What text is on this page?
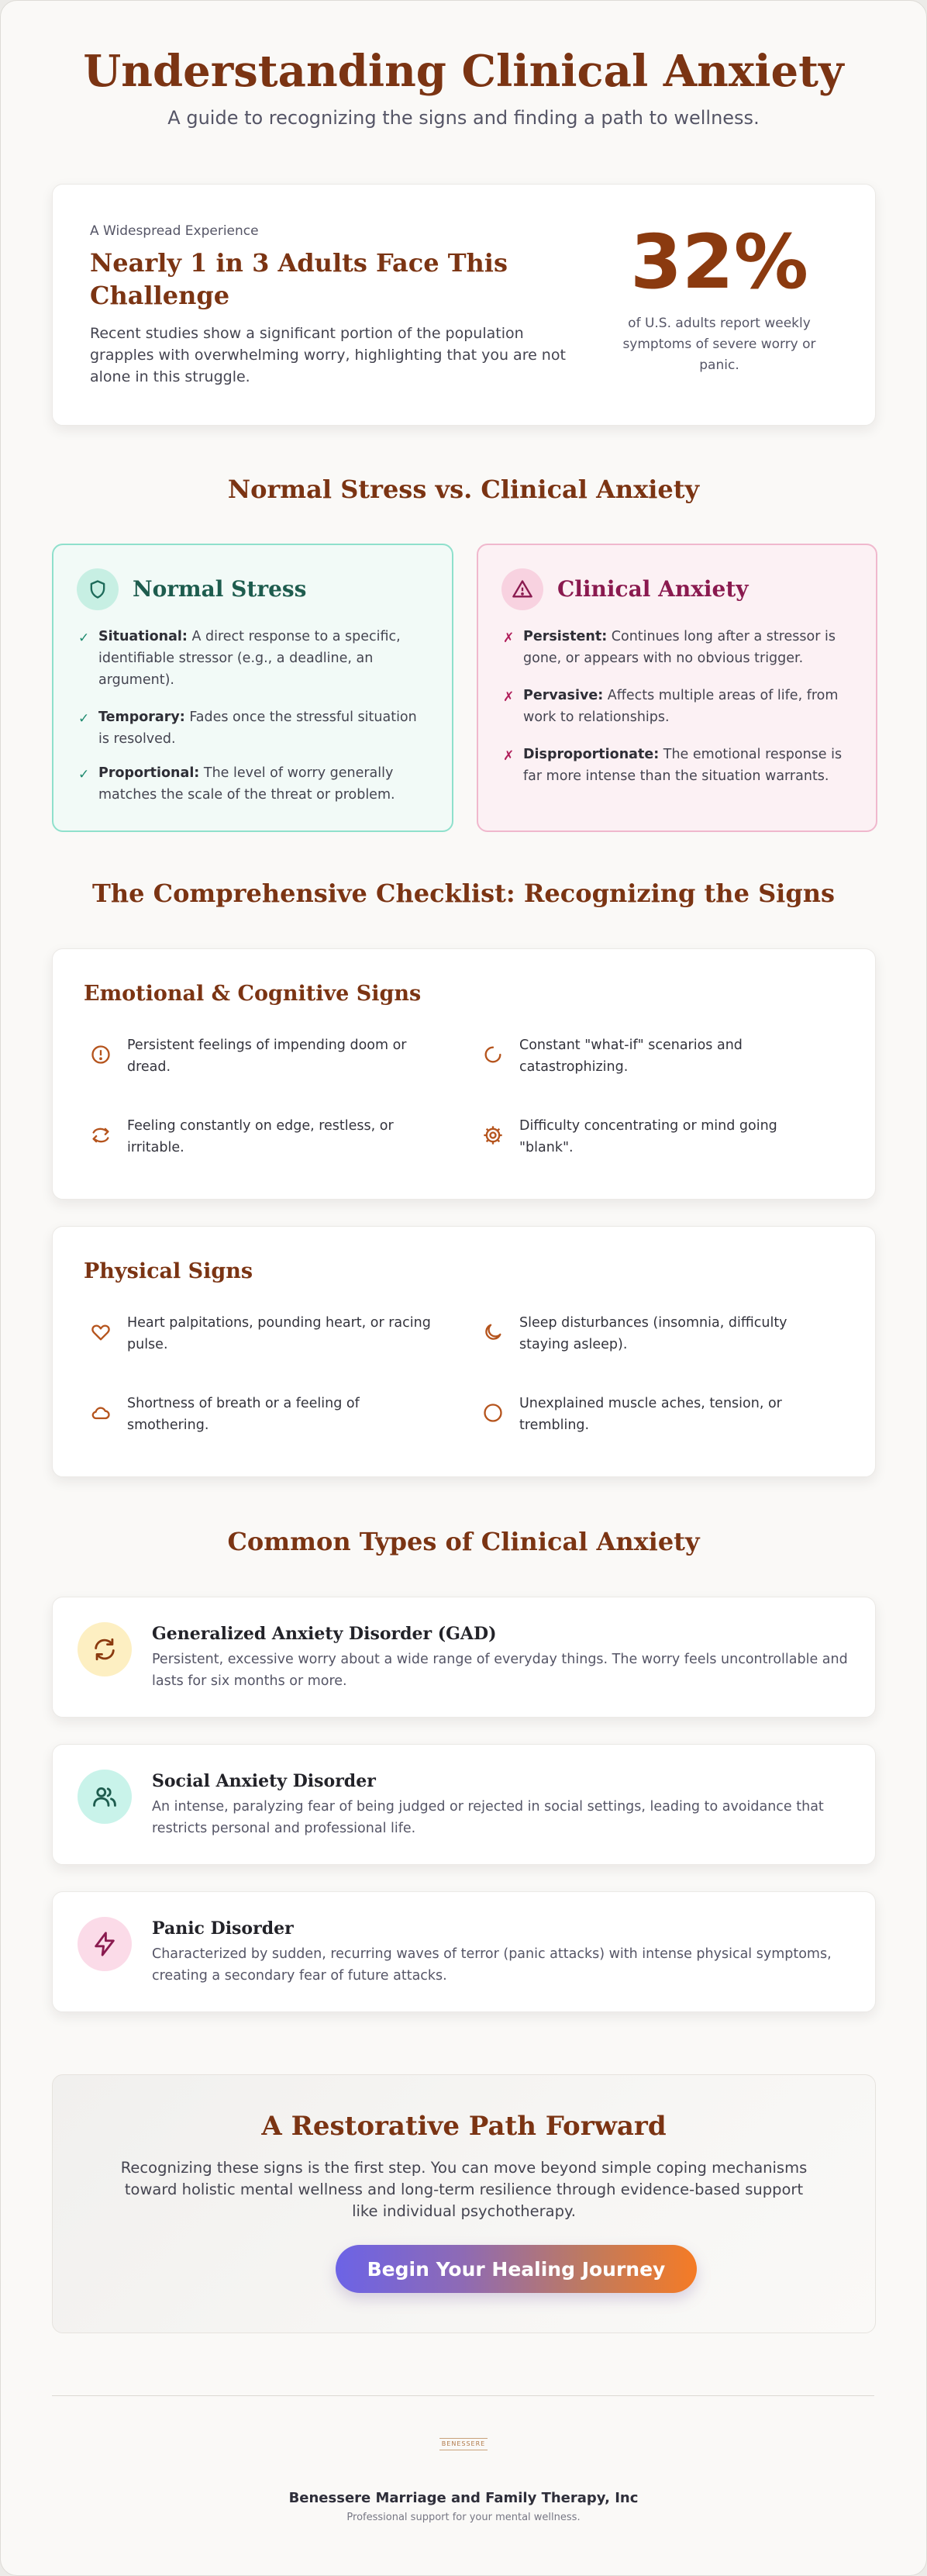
Understanding Clinical Anxiety
A guide to recognizing the signs and finding a path to wellness.
A Widespread Experience
Nearly 1 in 3 Adults Face This Challenge
Recent studies show a significant portion of the population grapples with overwhelming worry, highlighting that you are not alone in this struggle.
32%
of U.S. adults report weekly symptoms of severe worry or panic.
Normal Stress vs. Clinical Anxiety
Normal Stress
✓ Situational: A direct response to a specific, identifiable stressor (e.g., a deadline, an argument).
✓ Temporary: Fades once the stressful situation is resolved.
✓ Proportional: The level of worry generally matches the scale of the threat or problem.
Clinical Anxiety
✗ Persistent: Continues long after a stressor is gone, or appears with no obvious trigger.
✗ Pervasive: Affects multiple areas of life, from work to relationships.
✗ Disproportionate: The emotional response is far more intense than the situation warrants.
The Comprehensive Checklist: Recognizing the Signs
Emotional & Cognitive Signs
Persistent feelings of impending doom or dread.
Constant "what-if" scenarios and catastrophizing.
Feeling constantly on edge, restless, or irritable.
Difficulty concentrating or mind going "blank".
Physical Signs
Heart palpitations, pounding heart, or racing pulse.
Sleep disturbances (insomnia, difficulty staying asleep).
Shortness of breath or a feeling of smothering.
Unexplained muscle aches, tension, or trembling.
Common Types of Clinical Anxiety
Generalized Anxiety Disorder (GAD)
Persistent, excessive worry about a wide range of everyday things. The worry feels uncontrollable and lasts for six months or more.
Social Anxiety Disorder
An intense, paralyzing fear of being judged or rejected in social settings, leading to avoidance that restricts personal and professional life.
Panic Disorder
Characterized by sudden, recurring waves of terror (panic attacks) with intense physical symptoms, creating a secondary fear of future attacks.
A Restorative Path Forward
Recognizing these signs is the first step. You can move beyond simple coping mechanisms toward holistic mental wellness and long-term resilience through evidence-based support like individual psychotherapy.
Begin Your Healing Journey
BENESSERE
Benessere Marriage and Family Therapy, Inc
Professional support for your mental wellness.
